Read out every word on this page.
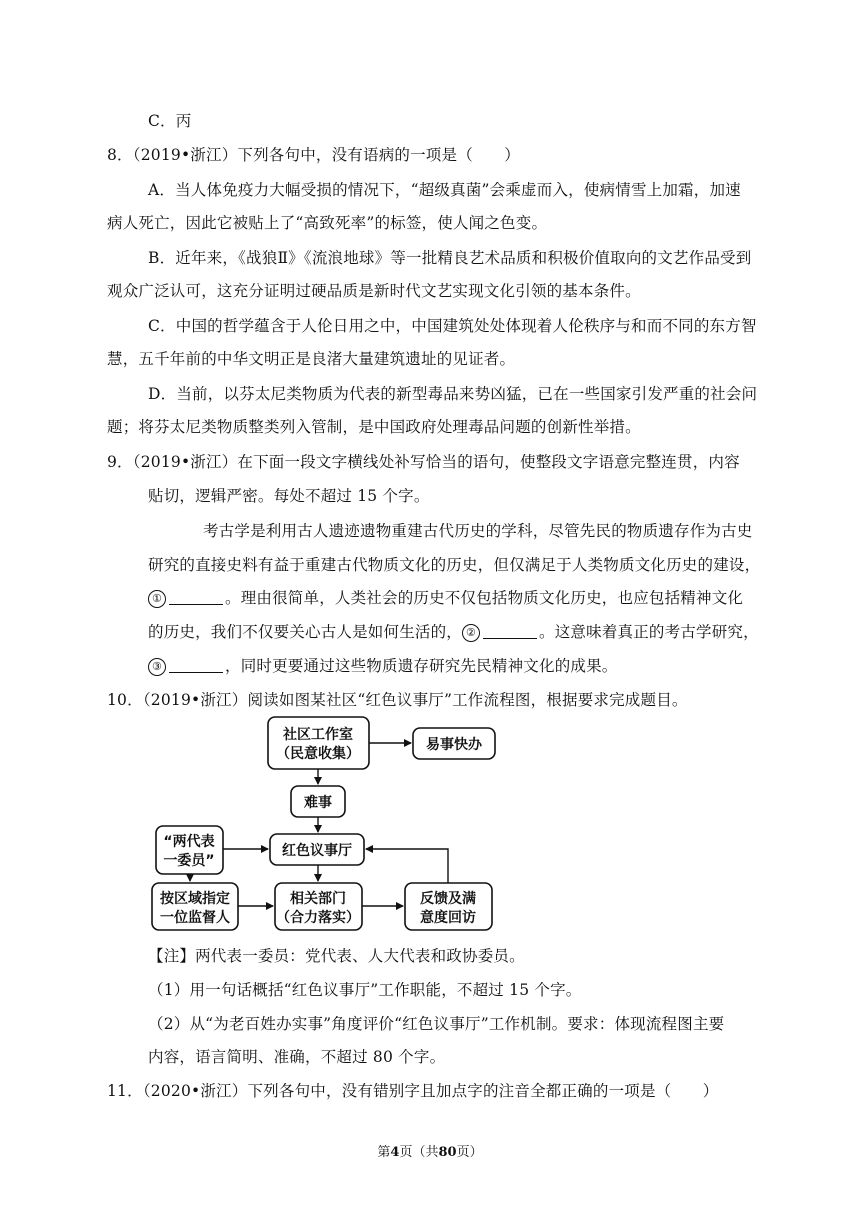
C．丙
8．（2019•浙江）下列各句中，没有语病的一项是（　　）
A．当人体免疫力大幅受损的情况下，“超级真菌”会乘虚而入，使病情雪上加霜，加速
病人死亡，因此它被贴上了“高致死率”的标签，使人闻之色变。
B．近年来，《战狼Ⅱ》《流浪地球》等一批精良艺术品质和积极价值取向的文艺作品受到
观众广泛认可，这充分证明过硬品质是新时代文艺实现文化引领的基本条件。
C．中国的哲学蕴含于人伦日用之中，中国建筑处处体现着人伦秩序与和而不同的东方智
慧，五千年前的中华文明正是良渚大量建筑遗址的见证者。
D．当前，以芬太尼类物质为代表的新型毒品来势凶猛，已在一些国家引发严重的社会问
题；将芬太尼类物质整类列入管制，是中国政府处理毒品问题的创新性举措。
9．（2019•浙江）在下面一段文字横线处补写恰当的语句，使整段文字语意完整连贯，内容
贴切，逻辑严密。每处不超过 15 个字。
考古学是利用古人遗迹遗物重建古代历史的学科，尽管先民的物质遗存作为古史
研究的直接史料有益于重建古代物质文化的历史，但仅满足于人类物质文化历史的建设，
①	。理由很简单，人类社会的历史不仅包括物质文化历史，也应包括精神文化
的历史，我们不仅要关心古人是如何生活的， ②	。这意味着真正的考古学研究，
③	，同时更要通过这些物质遗存研究先民精神文化的成果。
10．（2019•浙江）阅读如图某社区“红色议事厅”工作流程图，根据要求完成题目。
社区工作室
（民意收集）
易事快办
难事
“两代表
一委员”
红色议事厅
按区域指定
一位监督人
相关部门
（合力落实）
反馈及满
意度回访
【注】两代表一委员：党代表、人大代表和政协委员。
（1）用一句话概括“红色议事厅”工作职能，不超过 15 个字。
（2）从“为老百姓办实事”角度评价“红色议事厅”工作机制。要求：体现流程图主要
内容，语言简明、准确，不超过 80 个字。
11．（2020•浙江）下列各句中，没有错别字且加点字的注音全都正确的一项是（　　）
第4页（共80页）
